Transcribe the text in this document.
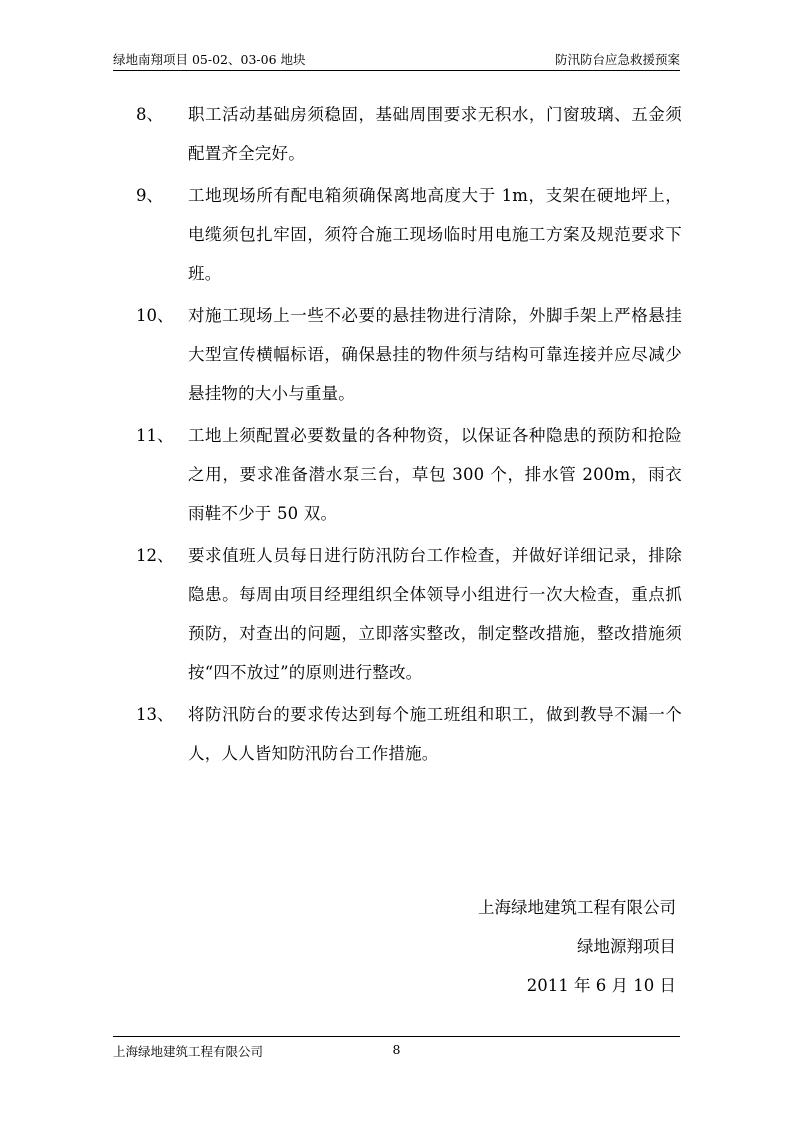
绿地南翔项目 05-02、03-06 地块	防汛防台应急救援预案
8、	职工活动基础房须稳固，基础周围要求无积水，门窗玻璃、五金须配置齐全完好。
9、	工地现场所有配电箱须确保离地高度大于 1m，支架在硬地坪上，电缆须包扎牢固，须符合施工现场临时用电施工方案及规范要求下班。
10、 对施工现场上一些不必要的悬挂物进行清除，外脚手架上严格悬挂大型宣传横幅标语，确保悬挂的物件须与结构可靠连接并应尽减少悬挂物的大小与重量。
11、 工地上须配置必要数量的各种物资，以保证各种隐患的预防和抢险之用，要求准备潜水泵三台，草包 300 个，排水管 200m，雨衣雨鞋不少于 50 双。
12、 要求值班人员每日进行防汛防台工作检查，并做好详细记录，排除隐患。每周由项目经理组织全体领导小组进行一次大检查，重点抓预防，对查出的问题，立即落实整改，制定整改措施，整改措施须按“四不放过”的原则进行整改。
13、 将防汛防台的要求传达到每个施工班组和职工，做到教导不漏一个人，人人皆知防汛防台工作措施。
上海绿地建筑工程有限公司
绿地源翔项目
2011 年 6 月 10 日
上海绿地建筑工程有限公司	8
